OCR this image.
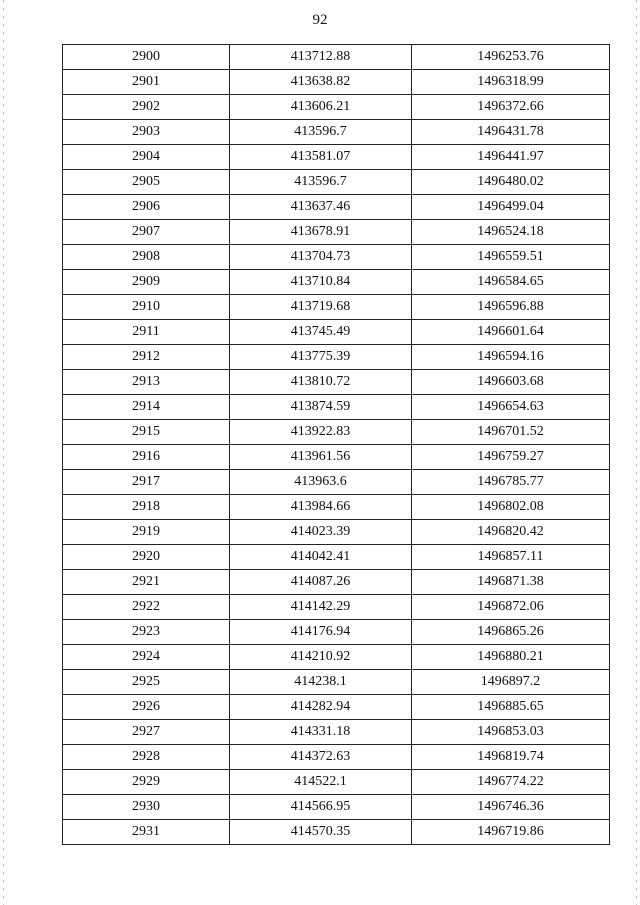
92
2900	413712.88	1496253.76
2901	413638.82	1496318.99
2902	413606.21	1496372.66
2903	413596.7	1496431.78
2904	413581.07	1496441.97
2905	413596.7	1496480.02
2906	413637.46	1496499.04
2907	413678.91	1496524.18
2908	413704.73	1496559.51
2909	413710.84	1496584.65
2910	413719.68	1496596.88
2911	413745.49	1496601.64
2912	413775.39	1496594.16
2913	413810.72	1496603.68
2914	413874.59	1496654.63
2915	413922.83	1496701.52
2916	413961.56	1496759.27
2917	413963.6	1496785.77
2918	413984.66	1496802.08
2919	414023.39	1496820.42
2920	414042.41	1496857.11
2921	414087.26	1496871.38
2922	414142.29	1496872.06
2923	414176.94	1496865.26
2924	414210.92	1496880.21
2925	414238.1	1496897.2
2926	414282.94	1496885.65
2927	414331.18	1496853.03
2928	414372.63	1496819.74
2929	414522.1	1496774.22
2930	414566.95	1496746.36
2931	414570.35	1496719.86
